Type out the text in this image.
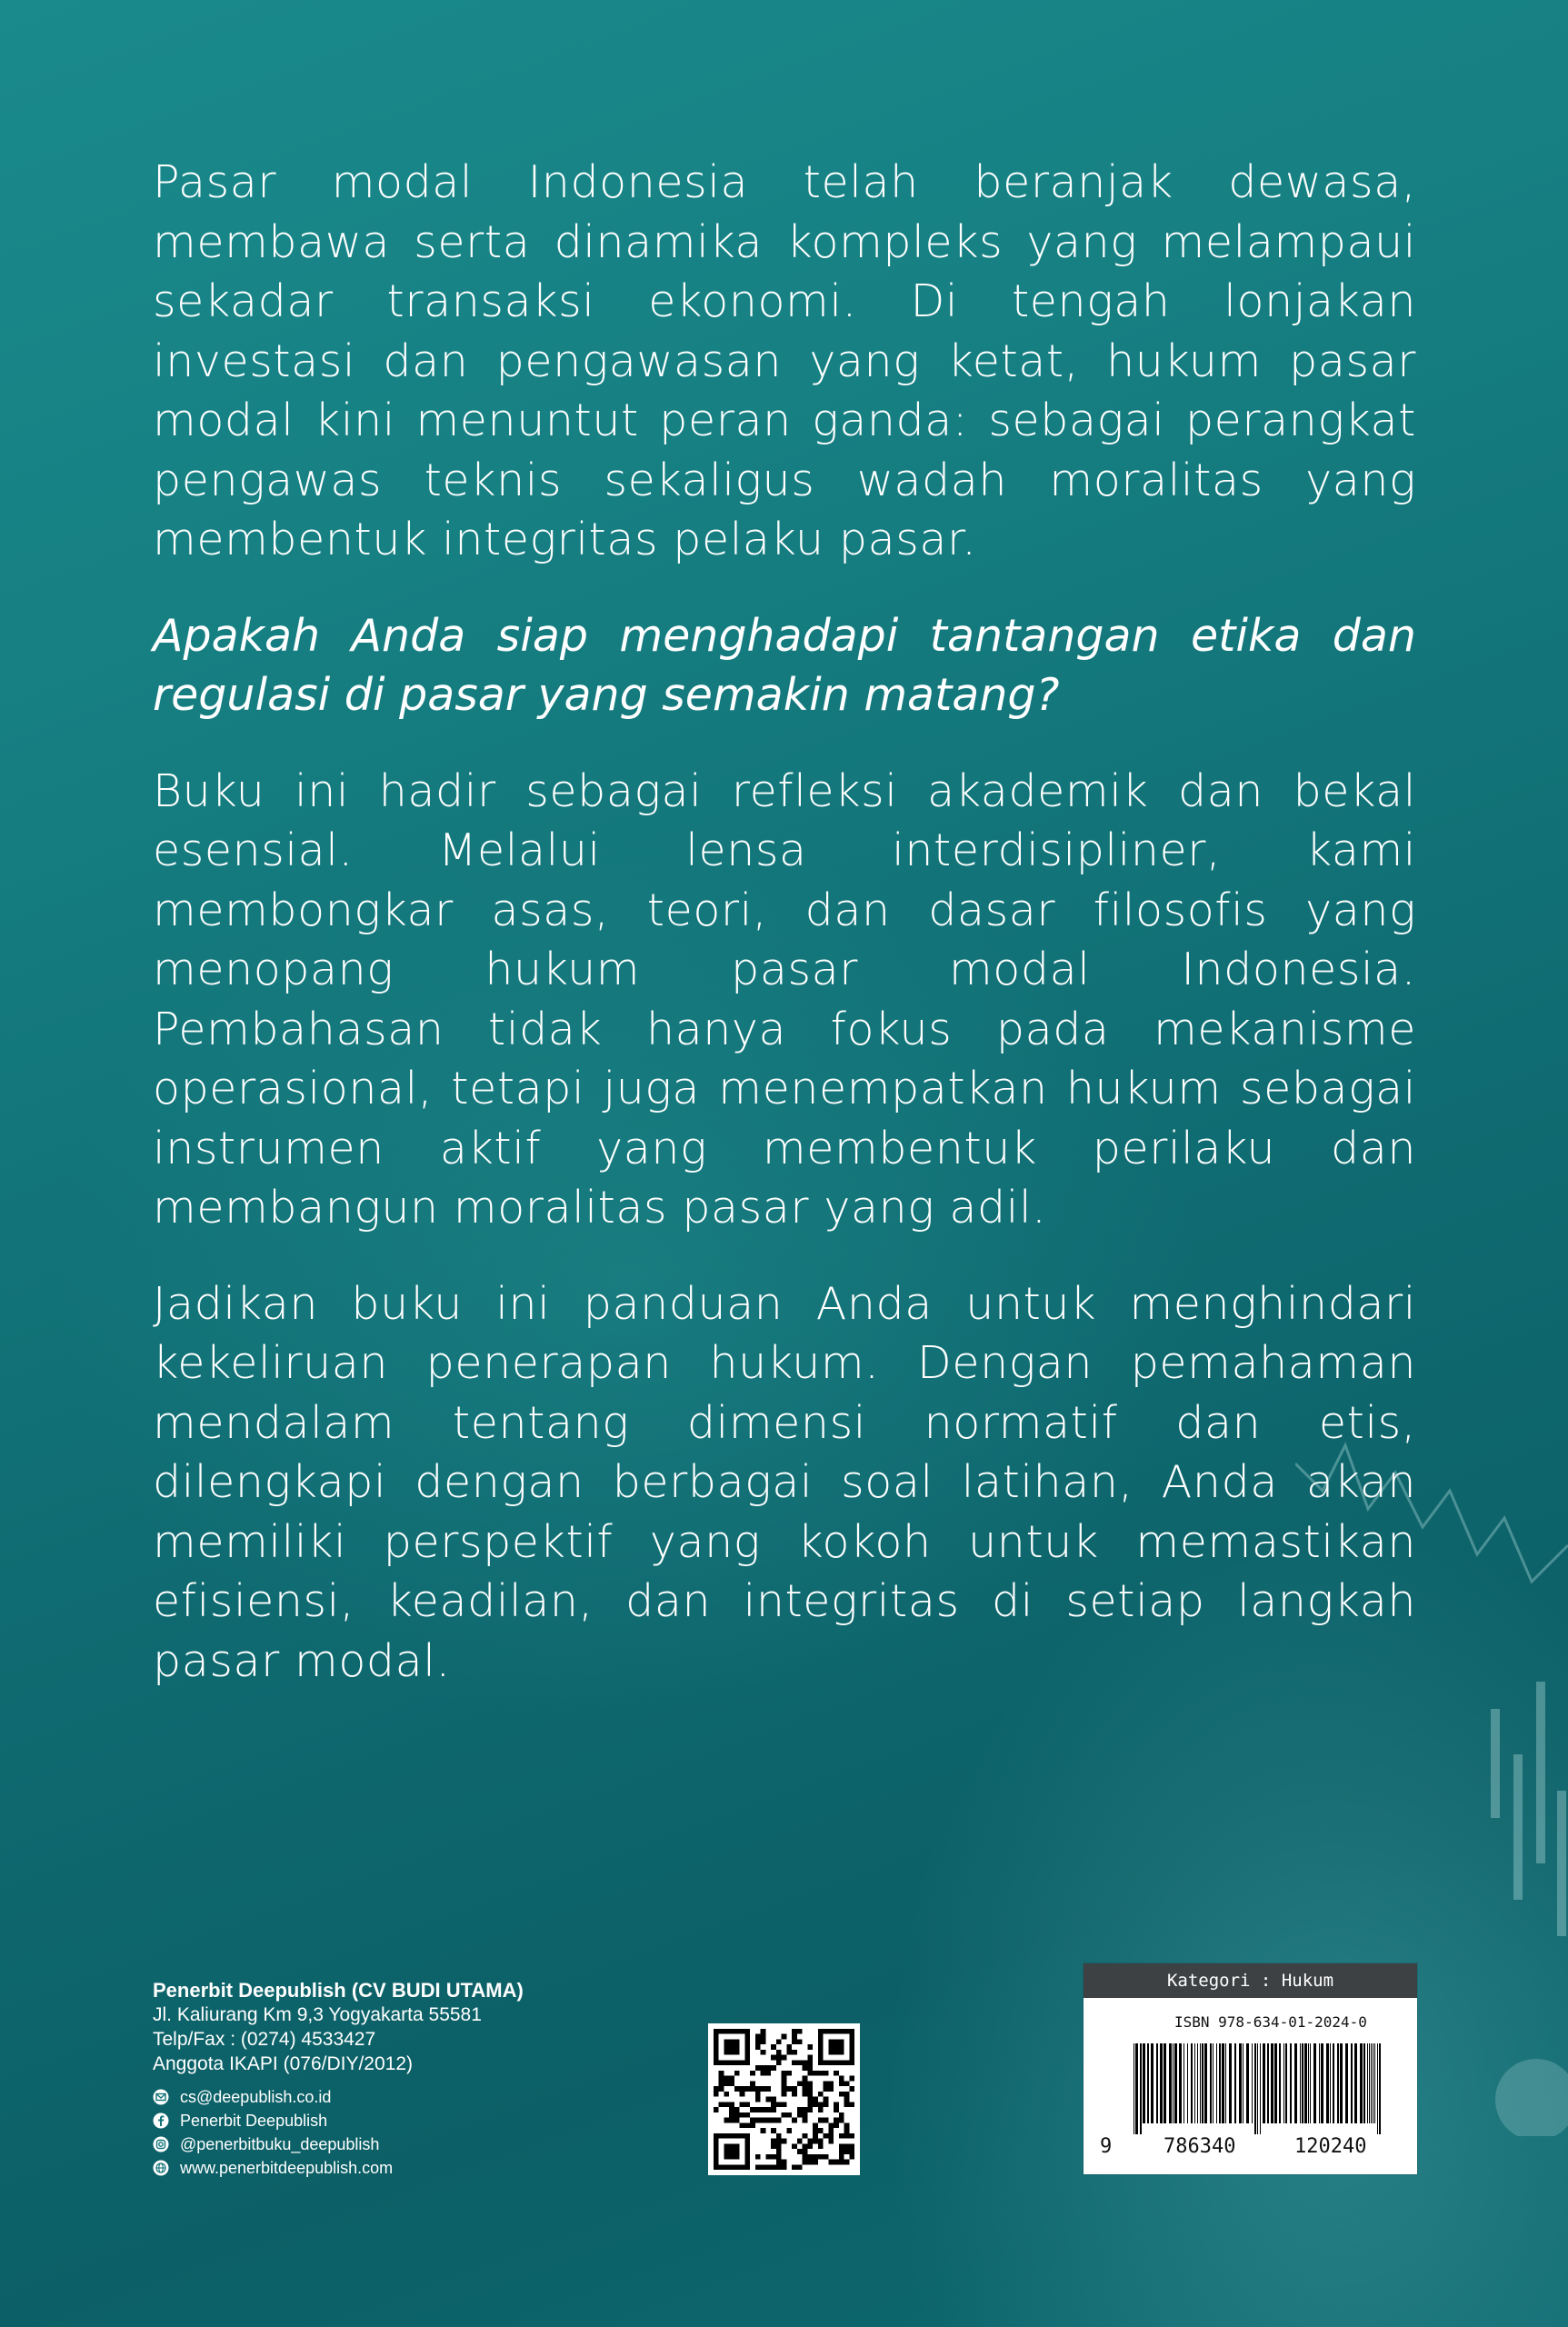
Pasar modal Indonesia telah beranjak dewasa, membawa serta dinamika kompleks yang melampaui sekadar transaksi ekonomi. Di tengah lonjakan investasi dan pengawasan yang ketat, hukum pasar modal kini menuntut peran ganda: sebagai perangkat pengawas teknis sekaligus wadah moralitas yang membentuk integritas pelaku pasar.

Apakah Anda siap menghadapi tantangan etika dan regulasi di pasar yang semakin matang?

Buku ini hadir sebagai refleksi akademik dan bekal esensial. Melalui lensa interdisipliner, kami membongkar asas, teori, dan dasar filosofis yang menopang hukum pasar modal Indonesia. Pembahasan tidak hanya fokus pada mekanisme operasional, tetapi juga menempatkan hukum sebagai instrumen aktif yang membentuk perilaku dan membangun moralitas pasar yang adil.

Jadikan buku ini panduan Anda untuk menghindari kekeliruan penerapan hukum. Dengan pemahaman mendalam tentang dimensi normatif dan etis, dilengkapi dengan berbagai soal latihan, Anda akan memiliki perspektif yang kokoh untuk memastikan efisiensi, keadilan, dan integritas di setiap langkah pasar modal.

Penerbit Deepublish (CV BUDI UTAMA)
Jl. Kaliurang Km 9,3 Yogyakarta 55581
Telp/Fax : (0274) 4533427
Anggota IKAPI (076/DIY/2012)
cs@deepublish.co.id
Penerbit Deepublish
@penerbitbuku_deepublish
www.penerbitdeepublish.com
Kategori : Hukum
ISBN 978-634-01-2024-0
9	786340	120240
